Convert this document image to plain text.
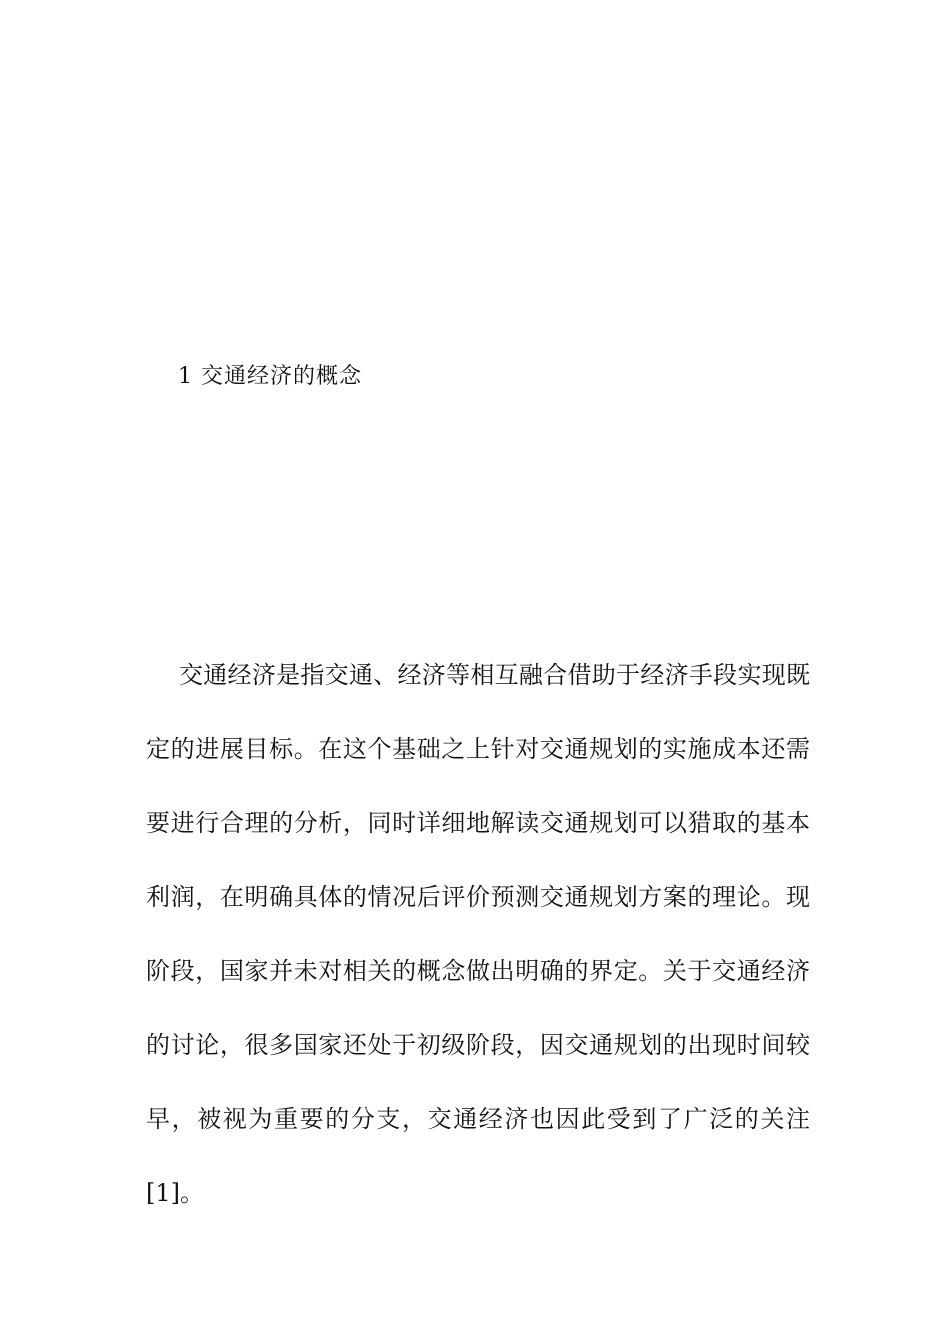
1 交通经济的概念
交通经济是指交通、经济等相互融合借助于经济手段实现既
定的进展目标。在这个基础之上针对交通规划的实施成本还需
要进行合理的分析，同时详细地解读交通规划可以猎取的基本
利润，在明确具体的情况后评价预测交通规划方案的理论。现
阶段，国家并未对相关的概念做出明确的界定。关于交通经济
的讨论，很多国家还处于初级阶段，因交通规划的出现时间较
早，被视为重要的分支，交通经济也因此受到了广泛的关注
[1]。
